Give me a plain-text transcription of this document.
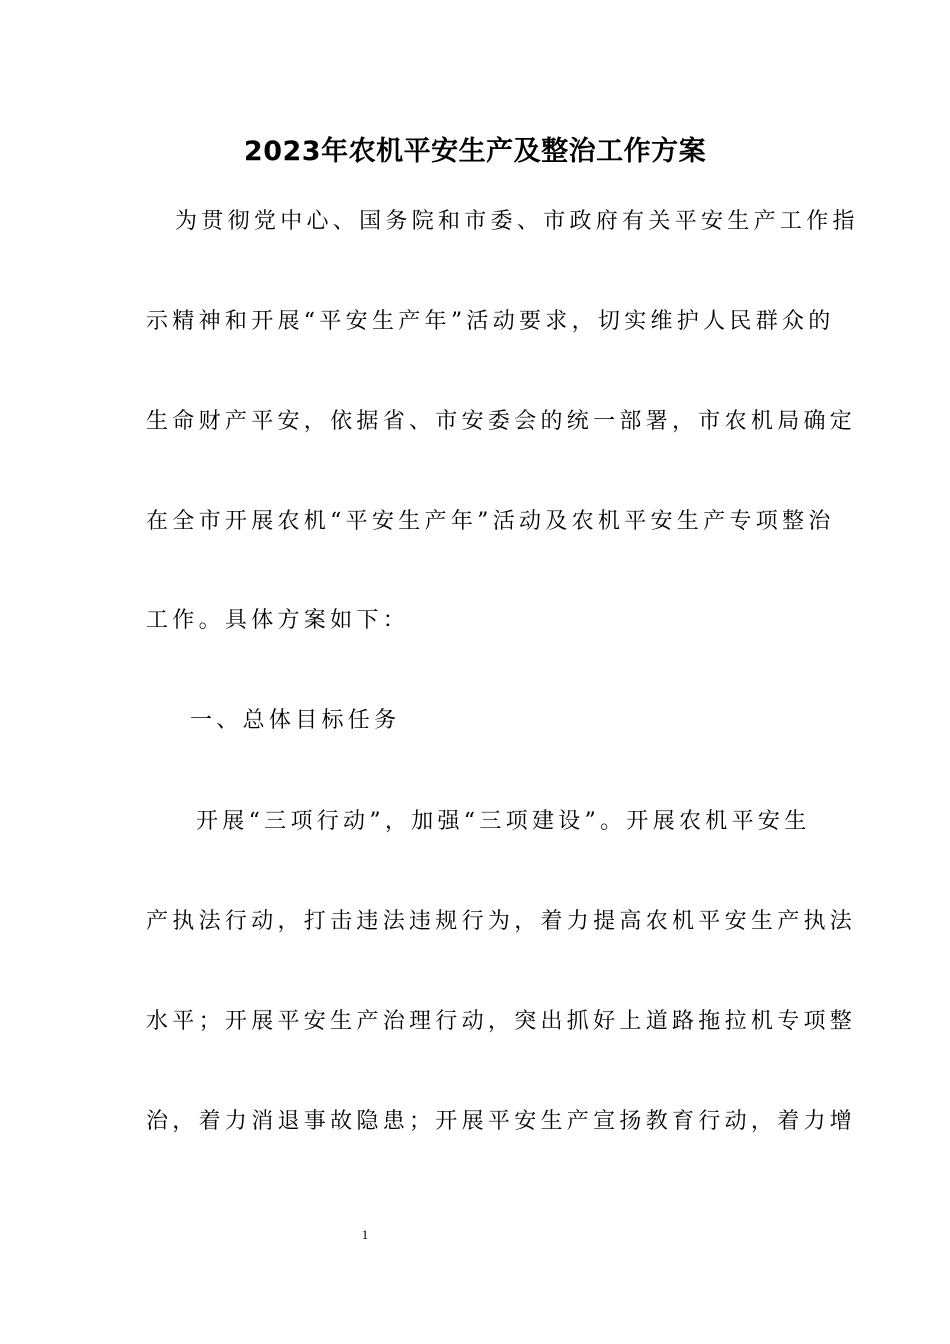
2023年农机平安生产及整治工作方案
为贯彻党中心、国务院和市委、市政府有关平安生产工作指
示精神和开展“平安生产年”活动要求，切实维护人民群众的
生命财产平安，依据省、市安委会的统一部署，市农机局确定
在全市开展农机“平安生产年”活动及农机平安生产专项整治
工作。具体方案如下：
一、总体目标任务
开展“三项行动”，加强“三项建设”。开展农机平安生
产执法行动，打击违法违规行为，着力提高农机平安生产执法
水平；开展平安生产治理行动，突出抓好上道路拖拉机专项整
治，着力消退事故隐患；开展平安生产宣扬教育行动，着力增
1
